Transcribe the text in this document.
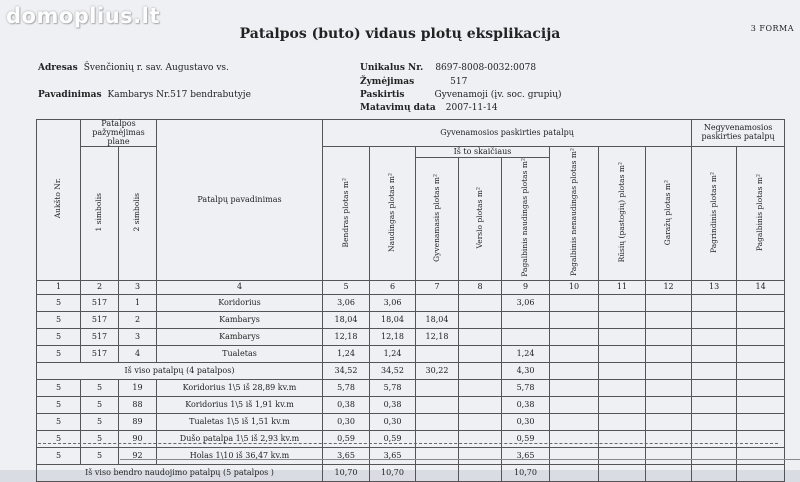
domoplius.lt
Patalpos (buto) vidaus plotų eksplikacija	3 FORMA
Adresas Švenčionių r. sav. Augustavo vs.
Pavadinimas Kambarys Nr.517 bendrabutyje
Unikalus Nr. 8697-8008-0032:0078
Žymėjimas	517
Paskirtis	Gyvenamoji (įv. soc. grupių)
Matavimų data 2007-11-14
Aukšto Nr.	Patalpos pažymėjimas plane		Patalpų pavadinimas	Gyvenamosios paskirties patalpų								Negyvenamosios paskirties patalpų	
	1 simbolis	2 simbolis		Bendras plotas m²	Naudingas plotas m²	Iš to skaičiaus			Pagalbinis nenaudingas plotas m²	Rūsių (pastogių) plotas m²	Garažų plotas m²	Pagrindinis plotas m²	Pagalbinis plotas m²
						Gyvenamasis plotas m²	Verslo plotas m²	Pagalbinis naudingas plotas m²					
1	2	3	4	5	6	7	8	9	10	11	12	13	14
5	517	1	Koridorius	3,06	3,06			3,06					
5	517	2	Kambarys	18,04	18,04	18,04							
5	517	3	Kambarys	12,18	12,18	12,18							
5	517	4	Tualetas	1,24	1,24			1,24					
Iš viso patalpų (4 patalpos)				34,52	34,52	30,22		4,30					
5	5	19	Koridorius 1\5 iš 28,89 kv.m	5,78	5,78			5,78					
5	5	88	Koridorius 1\5 iš 1,91 kv.m	0,38	0,38			0,38					
5	5	89	Tualetas 1\5 iš 1,51 kv.m	0,30	0,30			0,30					
5	5	90	Dušo patalpa 1\5 iš 2,93 kv.m	0,59	0,59			0,59					
5	5	92	Holas 1\10 iš 36,47 kv.m	3,65	3,65			3,65					
Iš viso bendro naudojimo patalpų (5 patalpos )				10,70	10,70			10,70					
